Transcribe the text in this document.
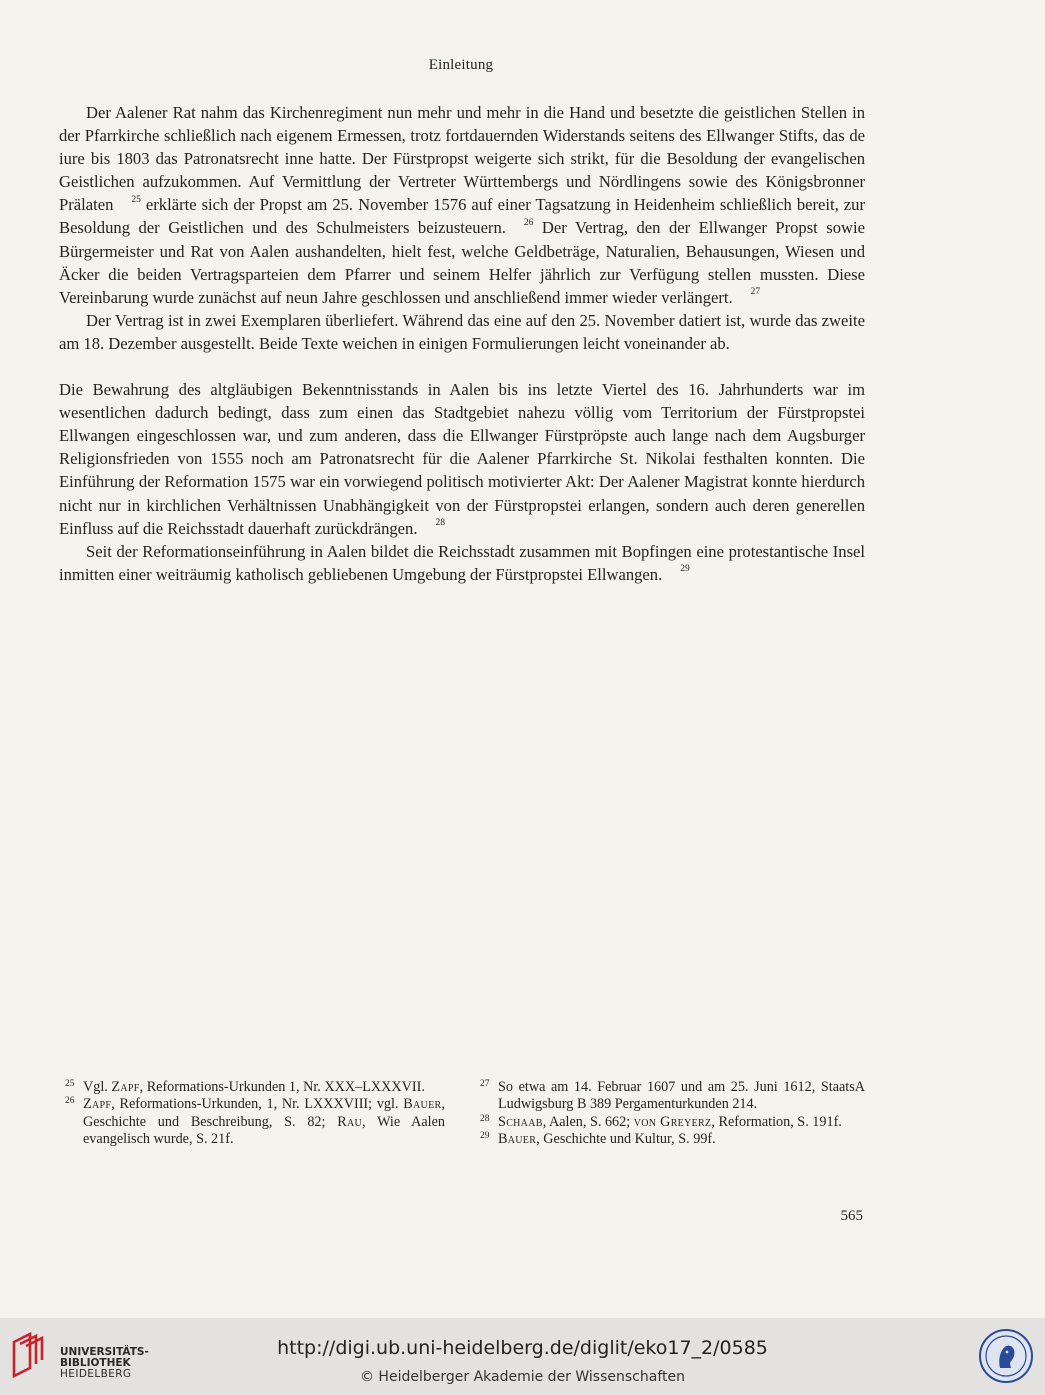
Einleitung

Der Aalener Rat nahm das Kirchenregiment nun mehr und mehr in die Hand und besetzte die geistlichen Stellen in der Pfarrkirche schließlich nach eigenem Ermessen, trotz fortdauernden Widerstands seitens des Ellwanger Stifts, das de iure bis 1803 das Patronatsrecht inne hatte. Der Fürstpropst weigerte sich strikt, für die Besoldung der evangelischen Geistlichen aufzukommen. Auf Vermittlung der Vertreter Württembergs und Nördlingens sowie des Königsbronner Prälaten $^{25}$ erklärte sich der Propst am 25. November 1576 auf einer Tagsatzung in Heidenheim schließlich bereit, zur Besoldung der Geistlichen und des Schulmeisters beizusteuern. $^{26}$ Der Vertrag, den der Ellwanger Propst sowie Bürgermeister und Rat von Aalen aushandelten, hielt fest, welche Geldbeträge, Naturalien, Behausungen, Wiesen und Äcker die beiden Vertragsparteien dem Pfarrer und seinem Helfer jährlich zur Verfügung stellen mussten. Diese Vereinbarung wurde zunächst auf neun Jahre geschlossen und anschließend immer wieder verlängert. $^{27}$

Der Vertrag ist in zwei Exemplaren überliefert. Während das eine auf den 25. November datiert ist, wurde das zweite am 18. Dezember ausgestellt. Beide Texte weichen in einigen Formulierungen leicht voneinander ab.

Die Bewahrung des altgläubigen Bekenntnisstands in Aalen bis ins letzte Viertel des 16. Jahrhunderts war im wesentlichen dadurch bedingt, dass zum einen das Stadtgebiet nahezu völlig vom Territorium der Fürstpropstei Ellwangen eingeschlossen war, und zum anderen, dass die Ellwanger Fürstpröpste auch lange nach dem Augsburger Religionsfrieden von 1555 noch am Patronatsrecht für die Aalener Pfarrkirche St. Nikolai festhalten konnten. Die Einführung der Reformation 1575 war ein vorwiegend politisch motivierter Akt: Der Aalener Magistrat konnte hierdurch nicht nur in kirchlichen Verhältnissen Unabhängigkeit von der Fürstpropstei erlangen, sondern auch deren generellen Einfluss auf die Reichsstadt dauerhaft zurückdrängen. $^{28}$

Seit der Reformationseinführung in Aalen bildet die Reichsstadt zusammen mit Bopfingen eine protestantische Insel inmitten einer weiträumig katholisch gebliebenen Umgebung der Fürstpropstei Ellwangen. $^{29}$

25 Vgl. Zapf, Reformations-Urkunden 1, Nr. XXX–LXXXVII.
26 Zapf, Reformations-Urkunden, 1, Nr. LXXXVIII; vgl. Bauer, Geschichte und Beschreibung, S. 82; Rau, Wie Aalen evangelisch wurde, S. 21f.
27 So etwa am 14. Februar 1607 und am 25. Juni 1612, StaatsA Ludwigsburg B 389 Pergamenturkunden 214.
28 Schaab, Aalen, S. 662; von Greyerz, Reformation, S. 191f.
29 Bauer, Geschichte und Kultur, S. 99f.
565
UNIVERSITÄTS-
BIBLIOTHEK
HEIDELBERG
http://digi.ub.uni-heidelberg.de/diglit/eko17_2/0585
© Heidelberger Akademie der Wissenschaften
